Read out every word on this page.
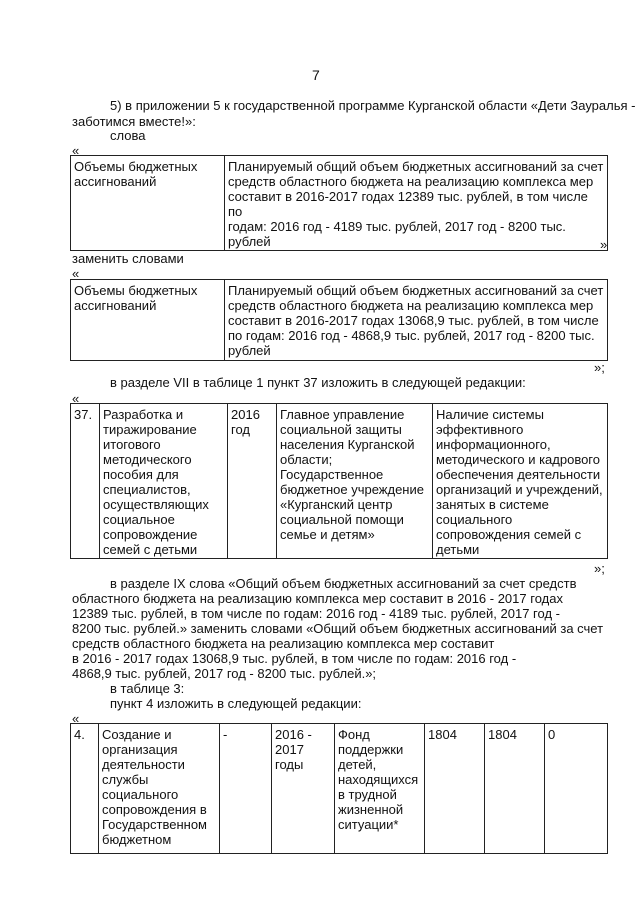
7
5) в приложении 5 к государственной программе Курганской области «Дети Зауралья -
заботимся вместе!»:
слова
«
Объемы бюджетных
ассигнований	Планируемый общий объем бюджетных ассигнований за счет
средств областного бюджета на реализацию комплекса мер
составит в 2016-2017 годах 12389 тыс. рублей, в том числе по
годам: 2016 год - 4189 тыс. рублей, 2017 год - 8200 тыс.
рублей	»
заменить словами
«
Объемы бюджетных
ассигнований	Планируемый общий объем бюджетных ассигнований за счет
средств областного бюджета на реализацию комплекса мер
составит в 2016-2017 годах 13068,9 тыс. рублей, в том числе
по годам: 2016 год - 4868,9 тыс. рублей, 2017 год - 8200 тыс.
рублей
»;
в разделе VII в таблице 1 пункт 37 изложить в следующей редакции:
«
37.	Разработка и
тиражирование
итогового
методического
пособия для
специалистов,
осуществляющих
социальное
сопровождение
семей с детьми	2016
год	Главное управление
социальной защиты
населения Курганской
области;
Государственное
бюджетное учреждение
«Курганский центр
социальной помощи
семье и детям»	Наличие системы
эффективного
информационного,
методического и кадрового
обеспечения деятельности
организаций и учреждений,
занятых в системе
социального
сопровождения семей с
детьми
»;
в разделе IX слова «Общий объем бюджетных ассигнований за счет средств
областного бюджета на реализацию комплекса мер составит в 2016 - 2017 годах
12389 тыс. рублей, в том числе по годам: 2016 год - 4189 тыс. рублей, 2017 год -
8200 тыс. рублей.» заменить словами «Общий объем бюджетных ассигнований за счет
средств областного бюджета на реализацию комплекса мер составит
в 2016 - 2017 годах 13068,9 тыс. рублей, в том числе по годам: 2016 год -
4868,9 тыс. рублей, 2017 год - 8200 тыс. рублей.»;
в таблице 3:
пункт 4 изложить в следующей редакции:
«
4.	Создание и
организация
деятельности
службы
социального
сопровождения в
Государственном
бюджетном	-	2016 -
2017
годы	Фонд
поддержки
детей,
находящихся
в трудной
жизненной
ситуации*	1804	1804	0
